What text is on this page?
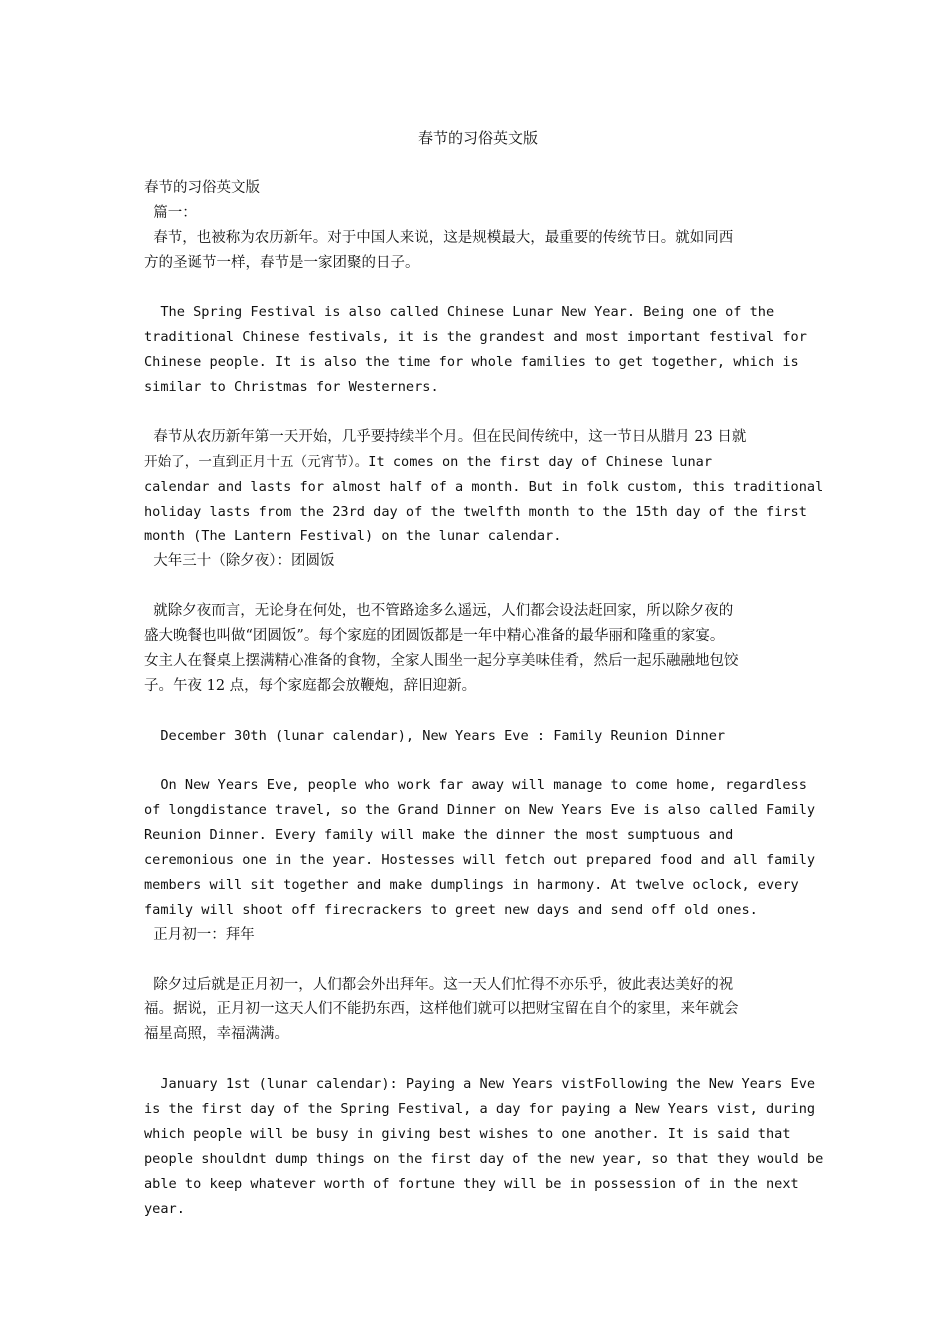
春节的习俗英文版
春节的习俗英文版
篇一：
春节，也被称为农历新年。对于中国人来说，这是规模最大，最重要的传统节日。就如同西
方的圣诞节一样，春节是一家团聚的日子。
The Spring Festival is also called Chinese Lunar New Year. Being one of the
traditional Chinese festivals, it is the grandest and most important festival for
Chinese people. It is also the time for whole families to get together, which is
similar to Christmas for Westerners.
春节从农历新年第一天开始，几乎要持续半个月。但在民间传统中，这一节日从腊月 23 日就
开始了，一直到正月十五（元宵节）。It comes on the first day of Chinese lunar
calendar and lasts for almost half of a month. But in folk custom, this traditional
holiday lasts from the 23rd day of the twelfth month to the 15th day of the first
month (The Lantern Festival) on the lunar calendar.
大年三十（除夕夜）：团圆饭
就除夕夜而言，无论身在何处，也不管路途多么遥远，人们都会设法赶回家，所以除夕夜的
盛大晚餐也叫做“团圆饭”。每个家庭的团圆饭都是一年中精心准备的最华丽和隆重的家宴。
女主人在餐桌上摆满精心准备的食物，全家人围坐一起分享美味佳肴，然后一起乐融融地包饺
子。午夜 12 点，每个家庭都会放鞭炮，辞旧迎新。
December 30th (lunar calendar), New Years Eve : Family Reunion Dinner
On New Years Eve, people who work far away will manage to come home, regardless
of longdistance travel, so the Grand Dinner on New Years Eve is also called Family
Reunion Dinner. Every family will make the dinner the most sumptuous and
ceremonious one in the year. Hostesses will fetch out prepared food and all family
members will sit together and make dumplings in harmony. At twelve oclock, every
family will shoot off firecrackers to greet new days and send off old ones.
正月初一：拜年
除夕过后就是正月初一，人们都会外出拜年。这一天人们忙得不亦乐乎，彼此表达美好的祝
福。据说，正月初一这天人们不能扔东西，这样他们就可以把财宝留在自个的家里，来年就会
福星高照，幸福满满。
January 1st (lunar calendar): Paying a New Years vistFollowing the New Years Eve
is the first day of the Spring Festival, a day for paying a New Years vist, during
which people will be busy in giving best wishes to one another. It is said that
people shouldnt dump things on the first day of the new year, so that they would be
able to keep whatever worth of fortune they will be in possession of in the next
year.
